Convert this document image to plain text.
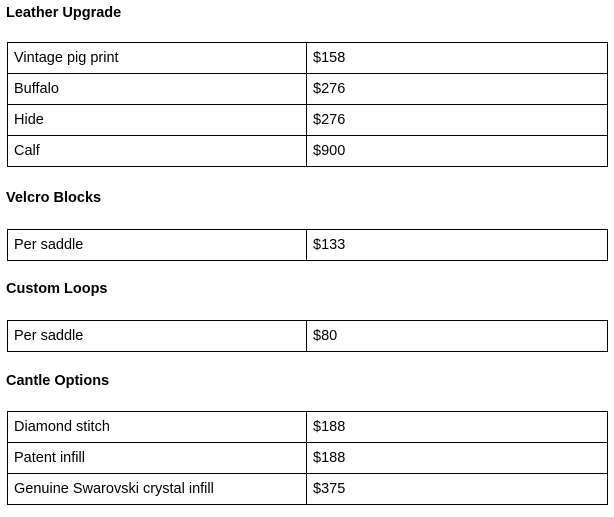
Leather Upgrade
Vintage pig print	$158
Buffalo	$276
Hide	$276
Calf	$900
Velcro Blocks
Per saddle	$133
Custom Loops
Per saddle	$80
Cantle Options
Diamond stitch	$188
Patent infill	$188
Genuine Swarovski crystal infill	$375
